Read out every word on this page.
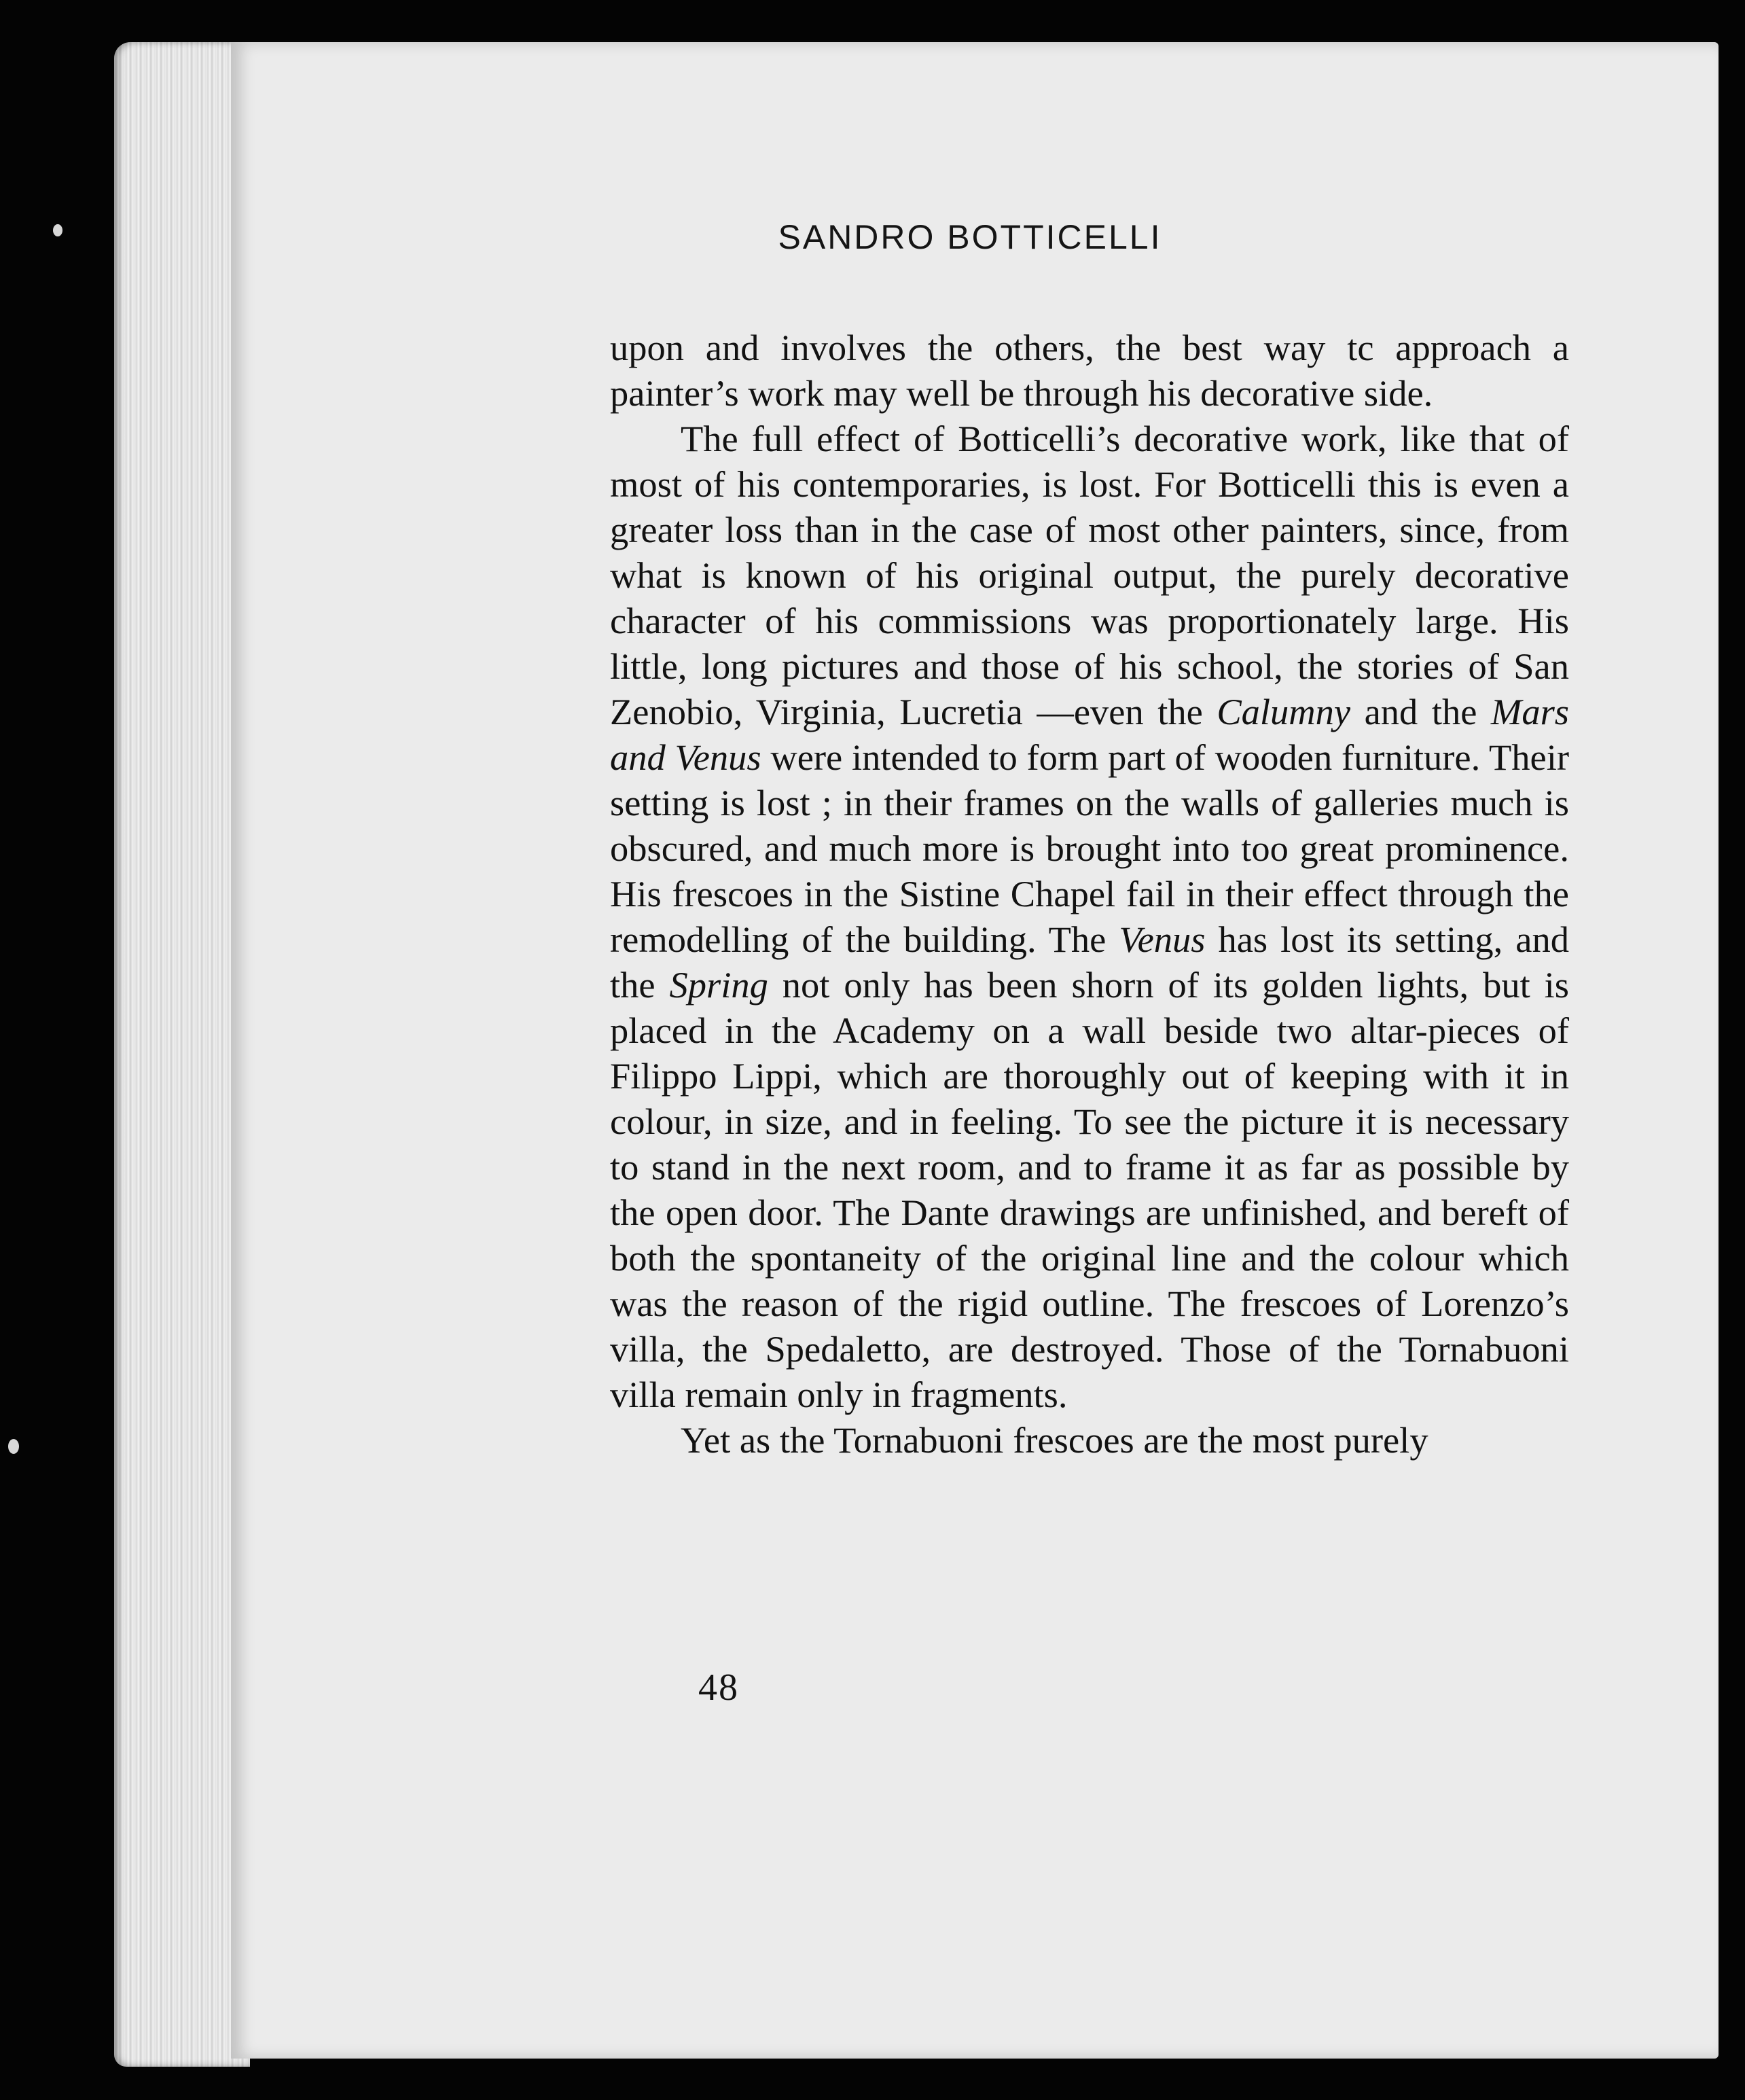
SANDRO BOTTICELLI

upon and involves the others, the best way tc approach a painter’s work may well be through his decorative side.

The full effect of Botticelli’s decorative work, like that of most of his contemporaries, is lost. For Botticelli this is even a greater loss than in the case of most other painters, since, from what is known of his original output, the purely decorative character of his commissions was proportionately large. His little, long pictures and those of his school, the stories of San Zenobio, Virginia, Lucretia —even the Calumny and the Mars and Venus were intended to form part of wooden furniture. Their setting is lost ; in their frames on the walls of galleries much is obscured, and much more is brought into too great prominence. His frescoes in the Sistine Chapel fail in their effect through the remodelling of the building. The Venus has lost its setting, and the Spring not only has been shorn of its golden lights, but is placed in the Academy on a wall beside two altar-pieces of Filippo Lippi, which are thoroughly out of keeping with it in colour, in size, and in feeling. To see the picture it is necessary to stand in the next room, and to frame it as far as possible by the open door. The Dante drawings are unfinished, and bereft of both the spontaneity of the original line and the colour which was the reason of the rigid outline. The frescoes of Lorenzo’s villa, the Spedaletto, are destroyed. Those of the Tornabuoni villa remain only in fragments.

Yet as the Tornabuoni frescoes are the most purely

48
